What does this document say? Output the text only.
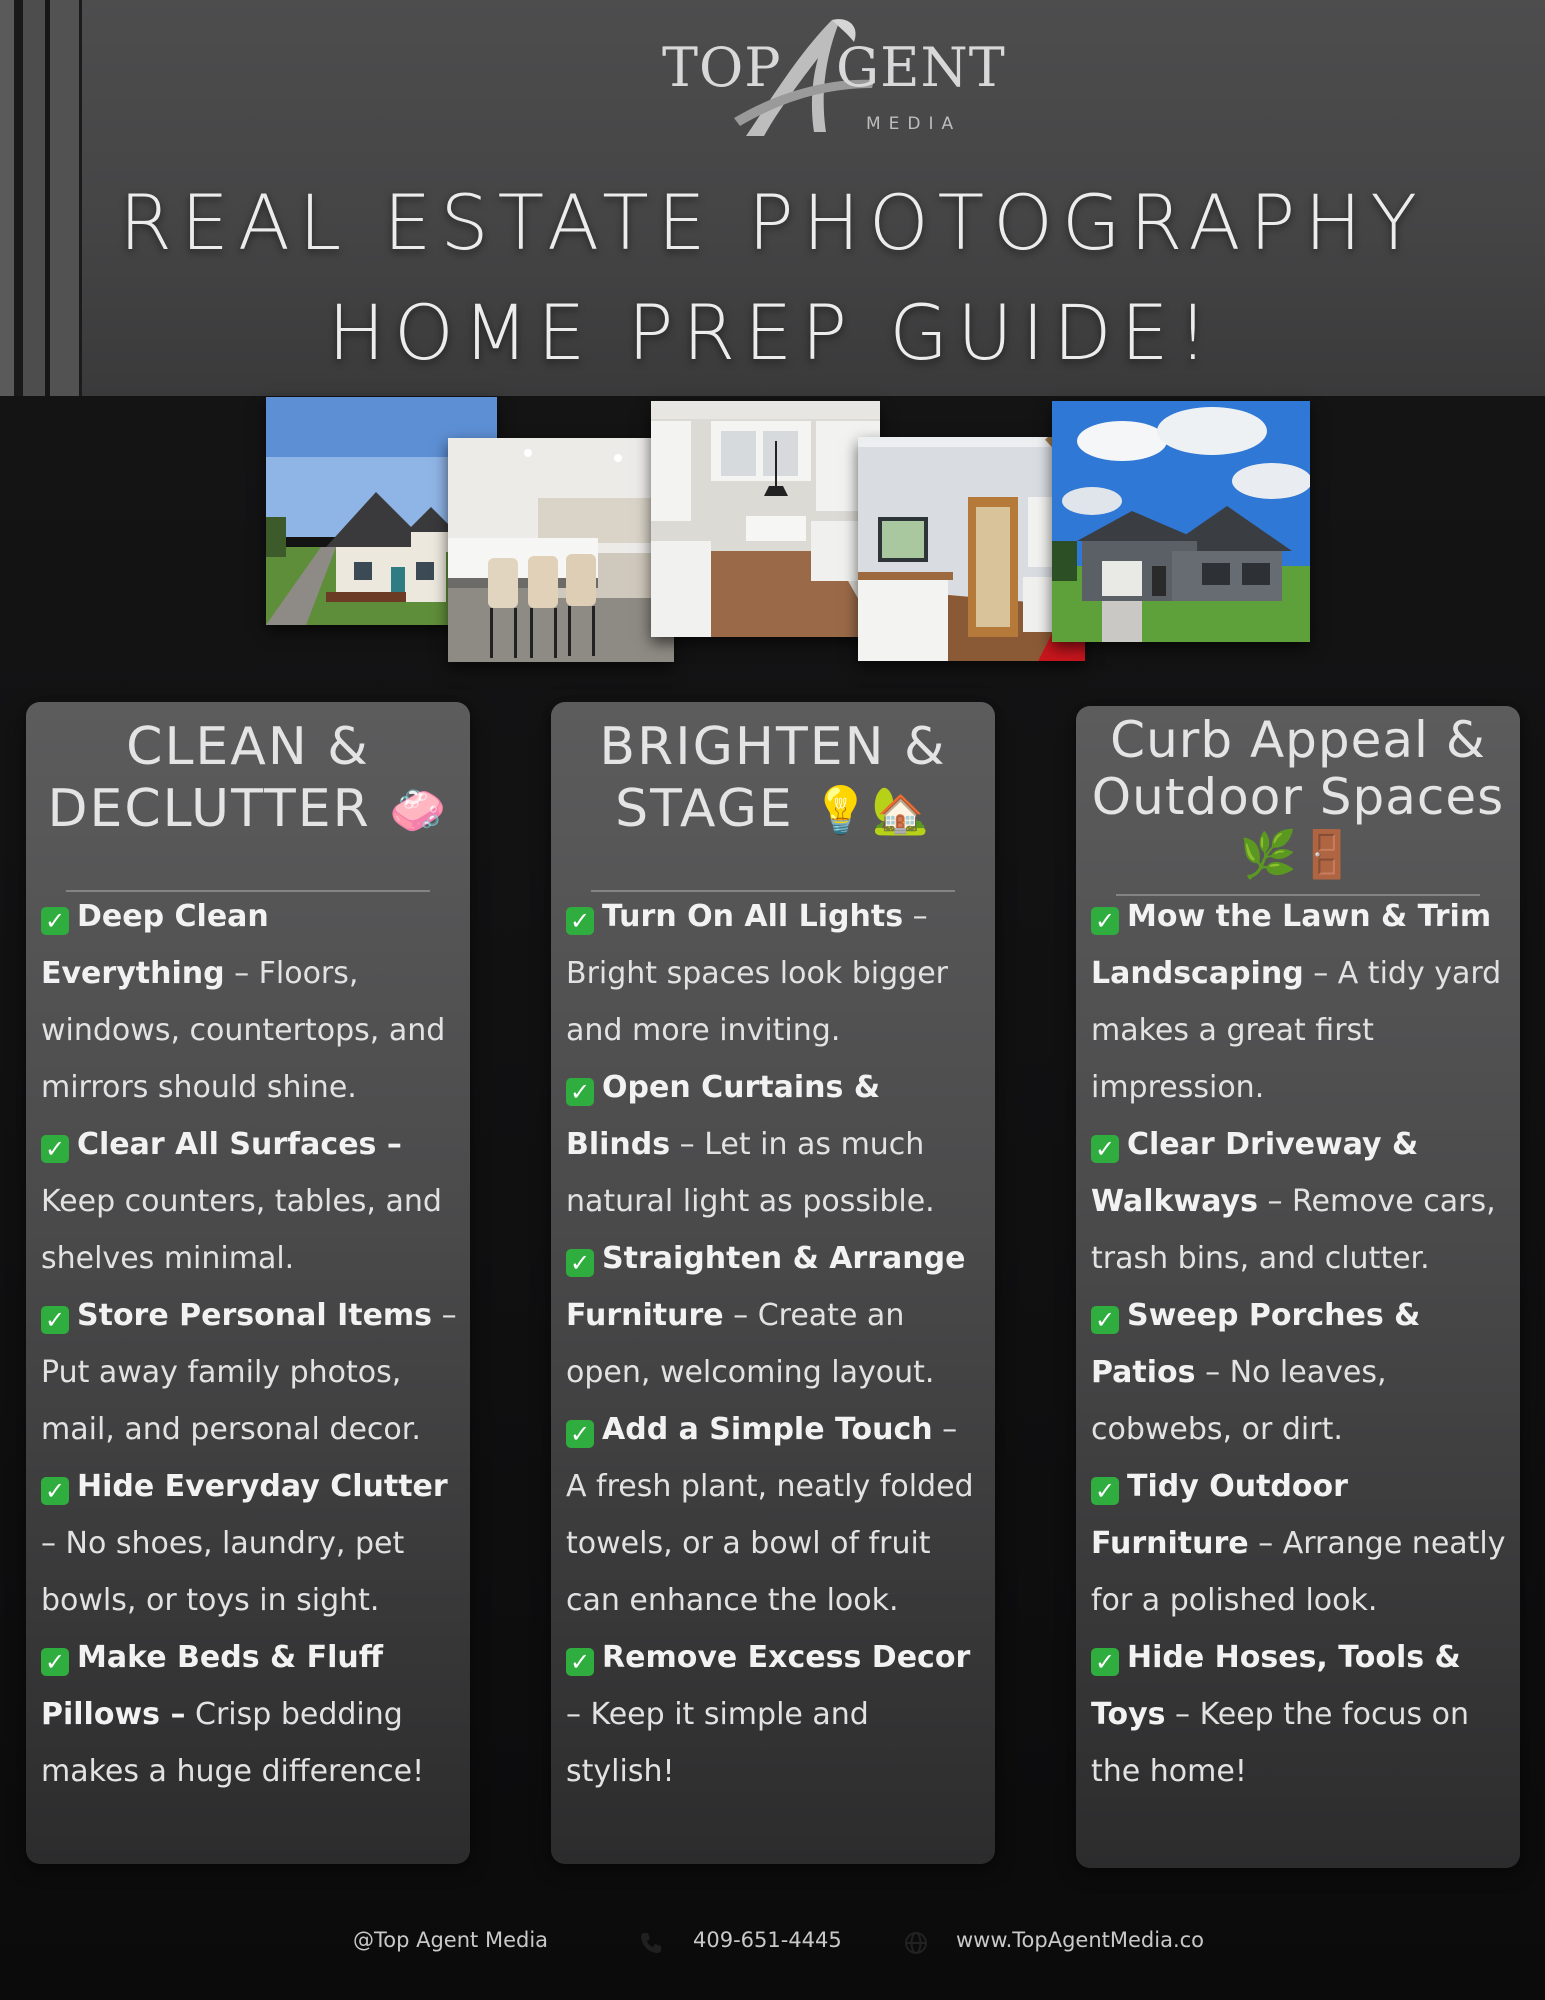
TOP GENT
MEDIA
REAL ESTATE PHOTOGRAPHY
HOME PREP GUIDE!
CLEAN &
DECLUTTER 🧼
✓ Deep Clean Everything – Floors, windows, countertops, and mirrors should shine.
✓ Clear All Surfaces – Keep counters, tables, and shelves minimal.
✓ Store Personal Items – Put away family photos, mail, and personal decor.
✓ Hide Everyday Clutter – No shoes, laundry, pet bowls, or toys in sight.
✓ Make Beds & Fluff Pillows – Crisp bedding makes a huge difference!
BRIGHTEN &
STAGE 💡🏡
✓ Turn On All Lights – Bright spaces look bigger and more inviting.
✓ Open Curtains & Blinds – Let in as much natural light as possible.
✓ Straighten & Arrange Furniture – Create an open, welcoming layout.
✓ Add a Simple Touch – A fresh plant, neatly folded towels, or a bowl of fruit can enhance the look.
✓ Remove Excess Decor – Keep it simple and stylish!
Curb Appeal &
Outdoor Spaces
🌿🚪
✓ Mow the Lawn & Trim Landscaping – A tidy yard makes a great first impression.
✓ Clear Driveway & Walkways – Remove cars, trash bins, and clutter.
✓ Sweep Porches & Patios – No leaves, cobwebs, or dirt.
✓ Tidy Outdoor Furniture – Arrange neatly for a polished look.
✓ Hide Hoses, Tools & Toys – Keep the focus on the home!
@Top Agent Media	409-651-4445	www.TopAgentMedia.co
